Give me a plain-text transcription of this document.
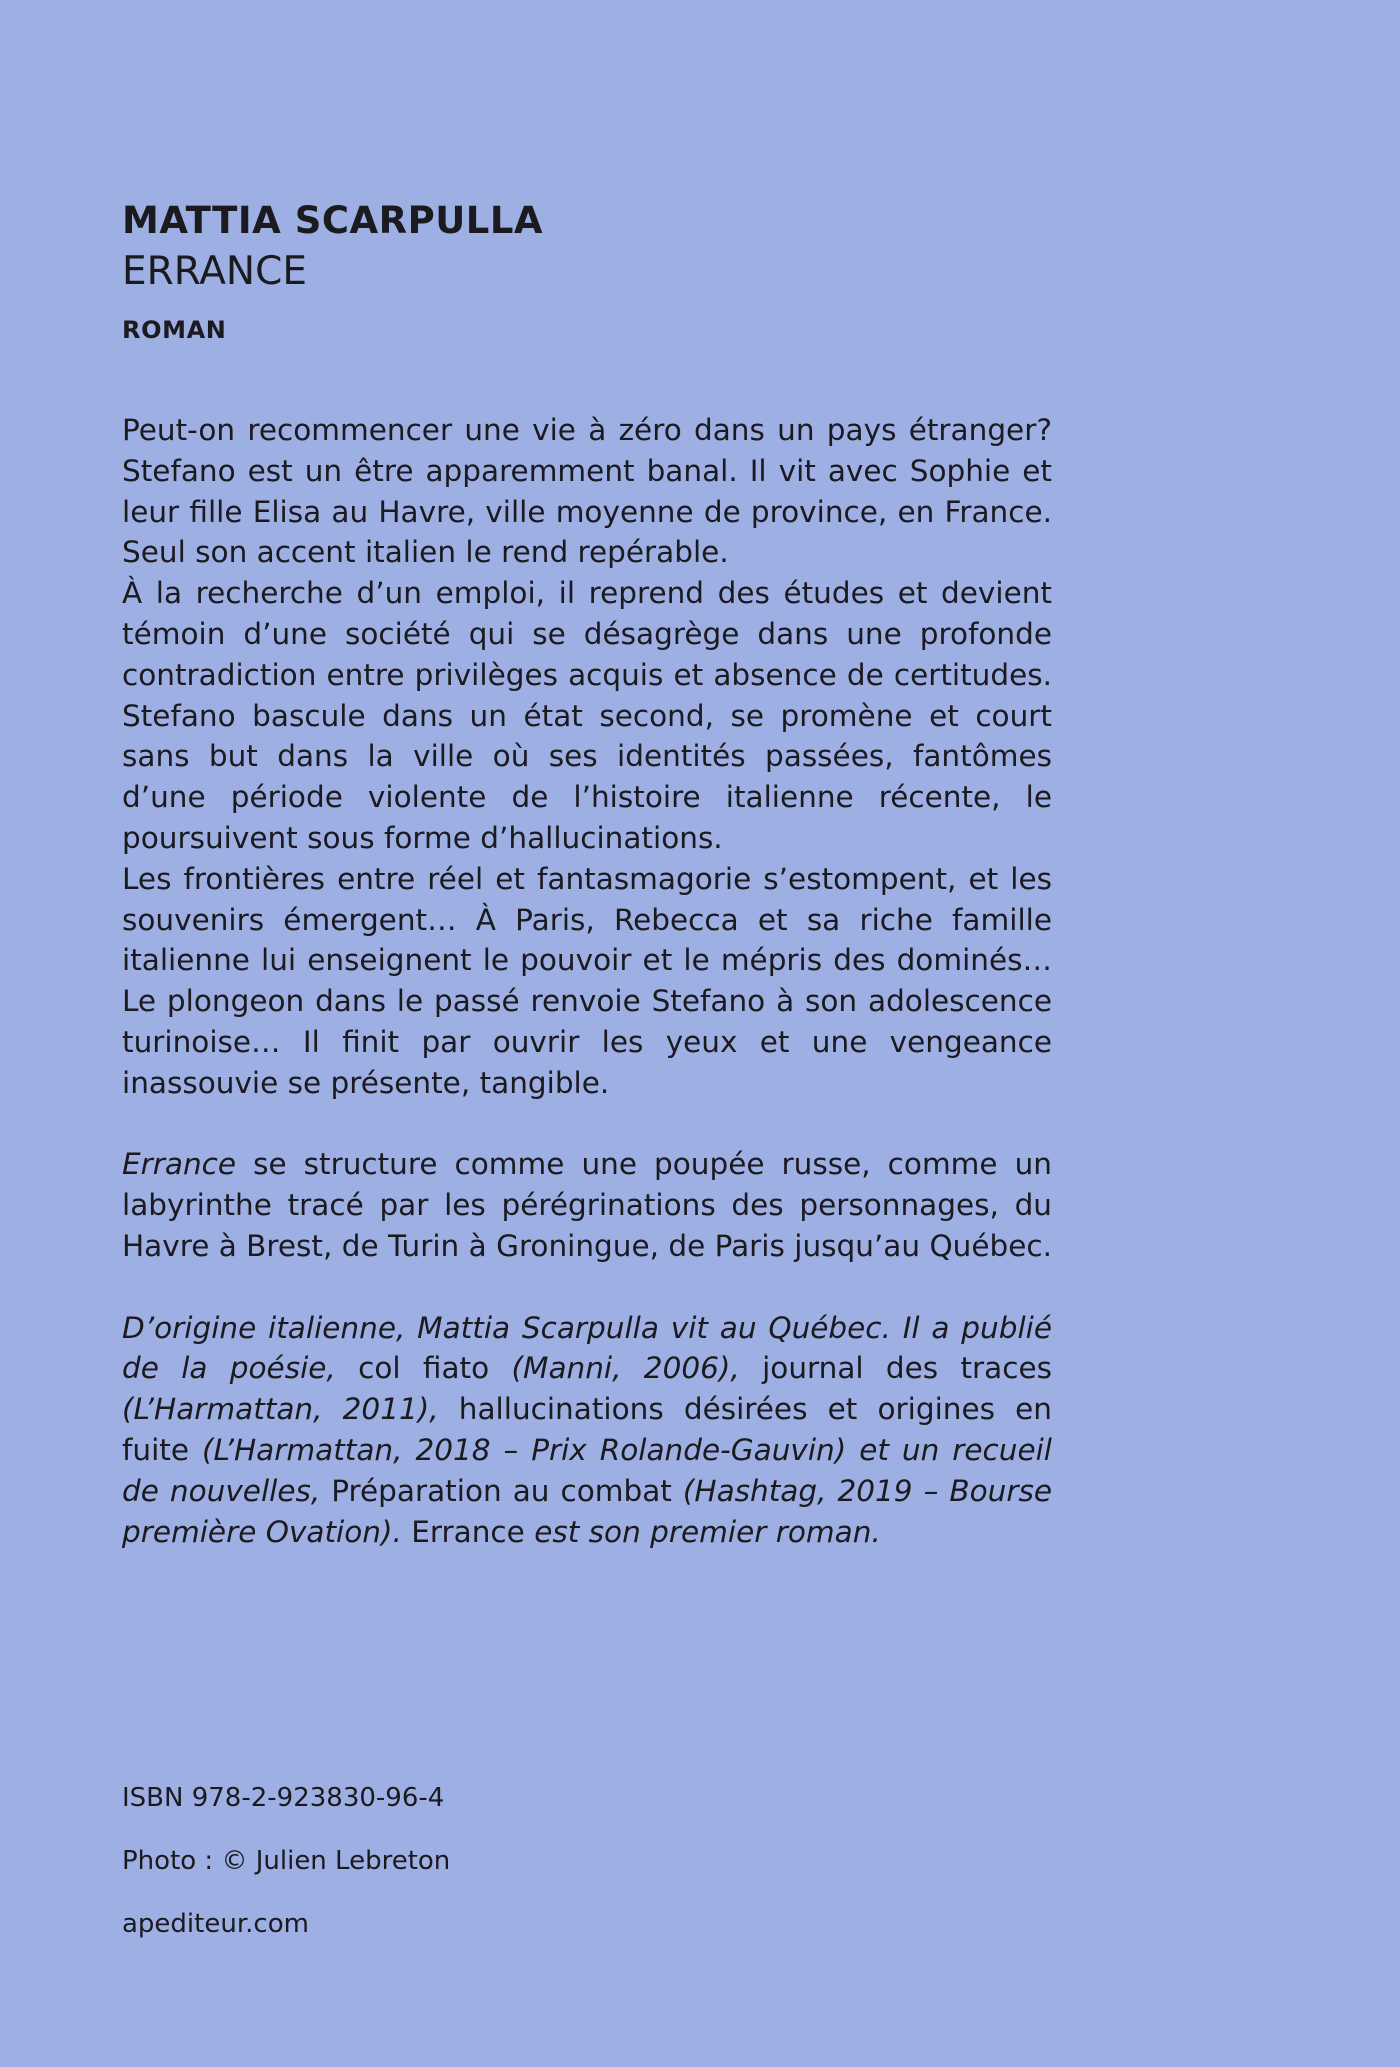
MATTIA SCARPULLA
ERRANCE
ROMAN

Peut-on recommencer une vie à zéro dans un pays étranger? Stefano est un être apparemment banal. Il vit avec Sophie et leur fille Elisa au Havre, ville moyenne de province, en France. Seul son accent italien le rend repérable.

À la recherche d’un emploi, il reprend des études et devient témoin d’une société qui se désagrège dans une profonde contradiction entre privilèges acquis et absence de certitudes. Stefano bascule dans un état second, se promène et court sans but dans la ville où ses identités passées, fantômes d’une période violente de l’histoire italienne récente, le poursuivent sous forme d’hallucinations.

Les frontières entre réel et fantasmagorie s’estompent, et les souvenirs émergent… À Paris, Rebecca et sa riche famille italienne lui enseignent le pouvoir et le mépris des dominés… Le plongeon dans le passé renvoie Stefano à son adolescence turinoise… Il finit par ouvrir les yeux et une vengeance inassouvie se présente, tangible.

Errance se structure comme une poupée russe, comme un labyrinthe tracé par les pérégrinations des personnages, du Havre à Brest, de Turin à Groningue, de Paris jusqu’au Québec.

D’origine italienne, Mattia Scarpulla vit au Québec. Il a publié de la poésie, col fiato (Manni, 2006), journal des traces (L’Harmattan, 2011), hallucinations désirées et origines en fuite (L’Harmattan, 2018 – Prix Rolande-Gauvin) et un recueil de nouvelles, Préparation au combat (Hashtag, 2019 – Bourse première Ovation). Errance est son premier roman.

ISBN 978-2-923830-96-4
Photo : © Julien Lebreton
apediteur.com
